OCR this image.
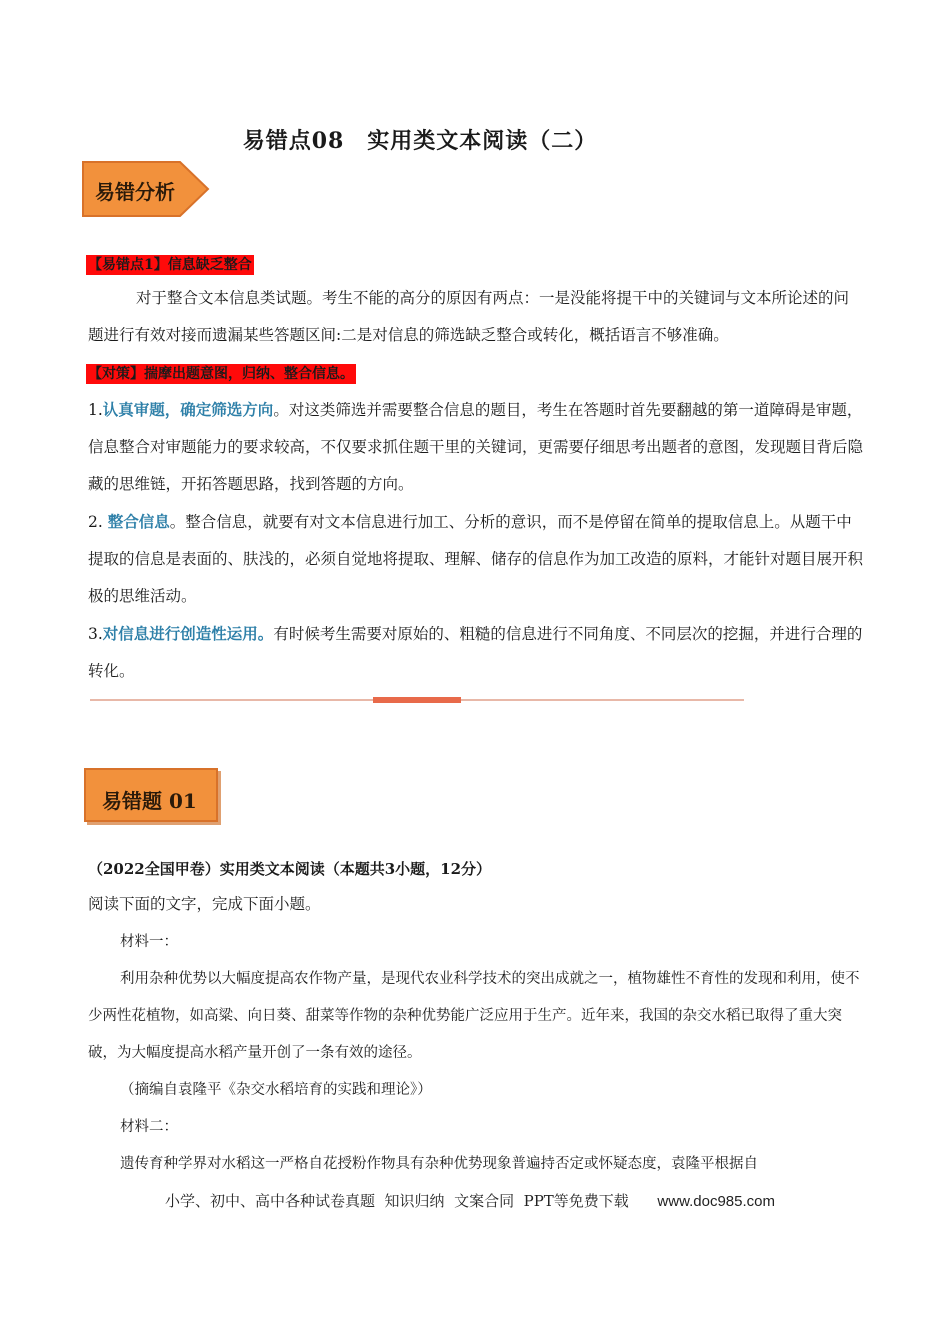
易错点08　实用类文本阅读（二）
易错分析
【易错点1】信息缺乏整合

对于整合文本信息类试题。考生不能的高分的原因有两点：一是没能将提干中的关键词与文本所论述的问题进行有效对接而遗漏某些答题区间:二是对信息的筛选缺乏整合或转化，概括语言不够准确。

【对策】揣摩出题意图，归纳、整合信息。

1.认真审题，确定筛选方向。对这类筛选并需要整合信息的题目，考生在答题时首先要翻越的第一道障碍是审题，信息整合对审题能力的要求较高，不仅要求抓住题干里的关键词，更需要仔细思考出题者的意图，发现题目背后隐藏的思维链，开拓答题思路，找到答题的方向。

2. 整合信息。整合信息，就要有对文本信息进行加工、分析的意识，而不是停留在简单的提取信息上。从题干中提取的信息是表面的、肤浅的，必须自觉地将提取、理解、储存的信息作为加工改造的原料，才能针对题目展开积极的思维活动。

3.对信息进行创造性运用。有时候考生需要对原始的、粗糙的信息进行不同角度、不同层次的挖掘，并进行合理的转化。

易错题 01
（2022全国甲卷）实用类文本阅读（本题共3小题，12分）
阅读下面的文字，完成下面小题。

材料一：

利用杂种优势以大幅度提高农作物产量，是现代农业科学技术的突出成就之一，植物雄性不育性的发现和利用，使不少两性花植物，如高粱、向日葵、甜菜等作物的杂种优势能广泛应用于生产。近年来，我国的杂交水稻已取得了重大突破，为大幅度提高水稻产量开创了一条有效的途径。

（摘编自袁隆平《杂交水稻培育的实践和理论》）

材料二：

遗传育种学界对水稻这一严格自花授粉作物具有杂种优势现象普遍持否定或怀疑态度，袁隆平根据自

小学、初中、高中各种试卷真题  知识归纳  文案合同  PPT等免费下载 www.doc985.com
